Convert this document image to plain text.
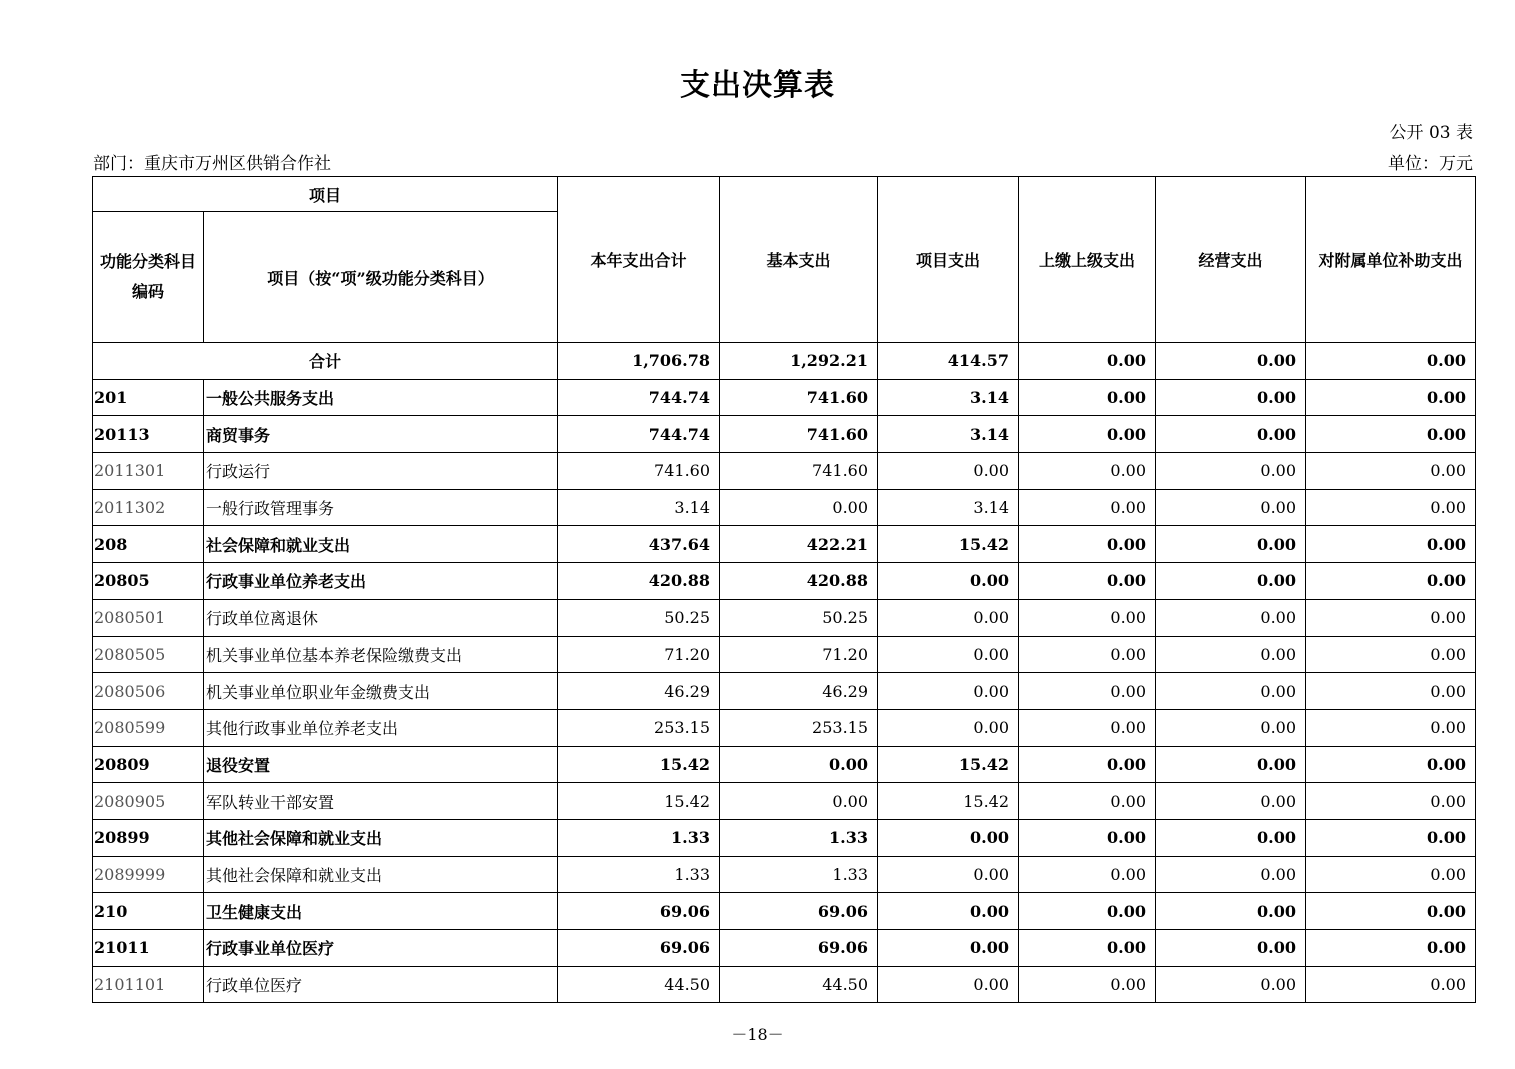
支出决算表
公开 03 表
部门：重庆市万州区供销合作社	单位：万元
项目		本年支出合计	基本支出	项目支出	上缴上级支出	经营支出	对附属单位补助支出
功能分类科目编码	项目（按“项”级功能分类科目）						
合计		1,706.78	1,292.21	414.57	0.00	0.00	0.00
201	一般公共服务支出	744.74	741.60	3.14	0.00	0.00	0.00
20113	商贸事务	744.74	741.60	3.14	0.00	0.00	0.00
2011301	行政运行	741.60	741.60	0.00	0.00	0.00	0.00
2011302	一般行政管理事务	3.14	0.00	3.14	0.00	0.00	0.00
208	社会保障和就业支出	437.64	422.21	15.42	0.00	0.00	0.00
20805	行政事业单位养老支出	420.88	420.88	0.00	0.00	0.00	0.00
2080501	行政单位离退休	50.25	50.25	0.00	0.00	0.00	0.00
2080505	机关事业单位基本养老保险缴费支出	71.20	71.20	0.00	0.00	0.00	0.00
2080506	机关事业单位职业年金缴费支出	46.29	46.29	0.00	0.00	0.00	0.00
2080599	其他行政事业单位养老支出	253.15	253.15	0.00	0.00	0.00	0.00
20809	退役安置	15.42	0.00	15.42	0.00	0.00	0.00
2080905	军队转业干部安置	15.42	0.00	15.42	0.00	0.00	0.00
20899	其他社会保障和就业支出	1.33	1.33	0.00	0.00	0.00	0.00
2089999	其他社会保障和就业支出	1.33	1.33	0.00	0.00	0.00	0.00
210	卫生健康支出	69.06	69.06	0.00	0.00	0.00	0.00
21011	行政事业单位医疗	69.06	69.06	0.00	0.00	0.00	0.00
2101101	行政单位医疗	44.50	44.50	0.00	0.00	0.00	0.00
－18－
